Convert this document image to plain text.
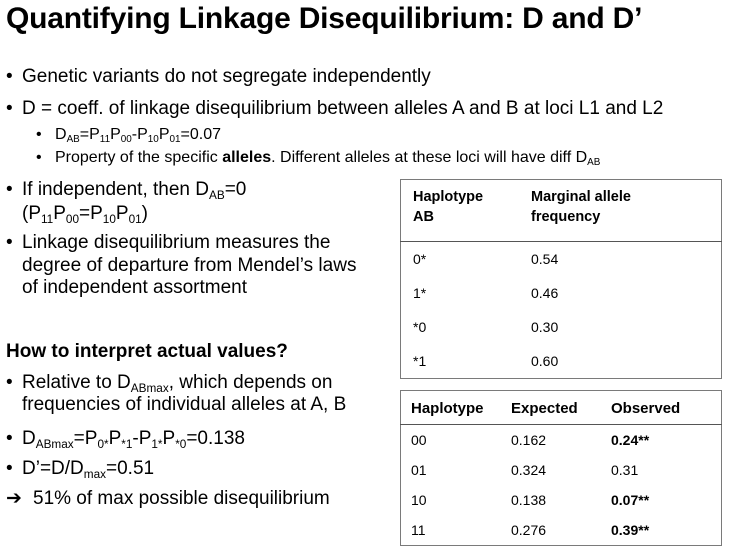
Quantifying Linkage Disequilibrium: D and D’
• Genetic variants do not segregate independently
• D = coeff. of linkage disequilibrium between alleles A and B at loci L1 and L2
• $D_{AB}=P_{11}P_{00}-P_{10}P_{01}=0.07$
• Property of the specific alleles. Different alleles at these loci will have diff $D_{AB}$
• If independent, then $D_{AB}=0$
$(P_{11}P_{00}=P_{10}P_{01})$
• Linkage disequilibrium measures the
degree of departure from Mendel’s laws
of independent assortment
How to interpret actual values?
• Relative to $D_{ABmax}$, which depends on
frequencies of individual alleles at A, B
• $D_{ABmax}=P_{0*}P_{*1}-P_{1*}P_{*0}=0.138$
• $D’=D/D_{max}=0.51$
➔ 51% of max possible disequilibrium
Haplotype
AB	Marginal allele
frequency
0*	0.54
1*	0.46
*0	0.30
*1	0.60
Haplotype	Expected	Observed
00	0.162	0.24**
01	0.324	0.31
10	0.138	0.07**
11	0.276	0.39**
